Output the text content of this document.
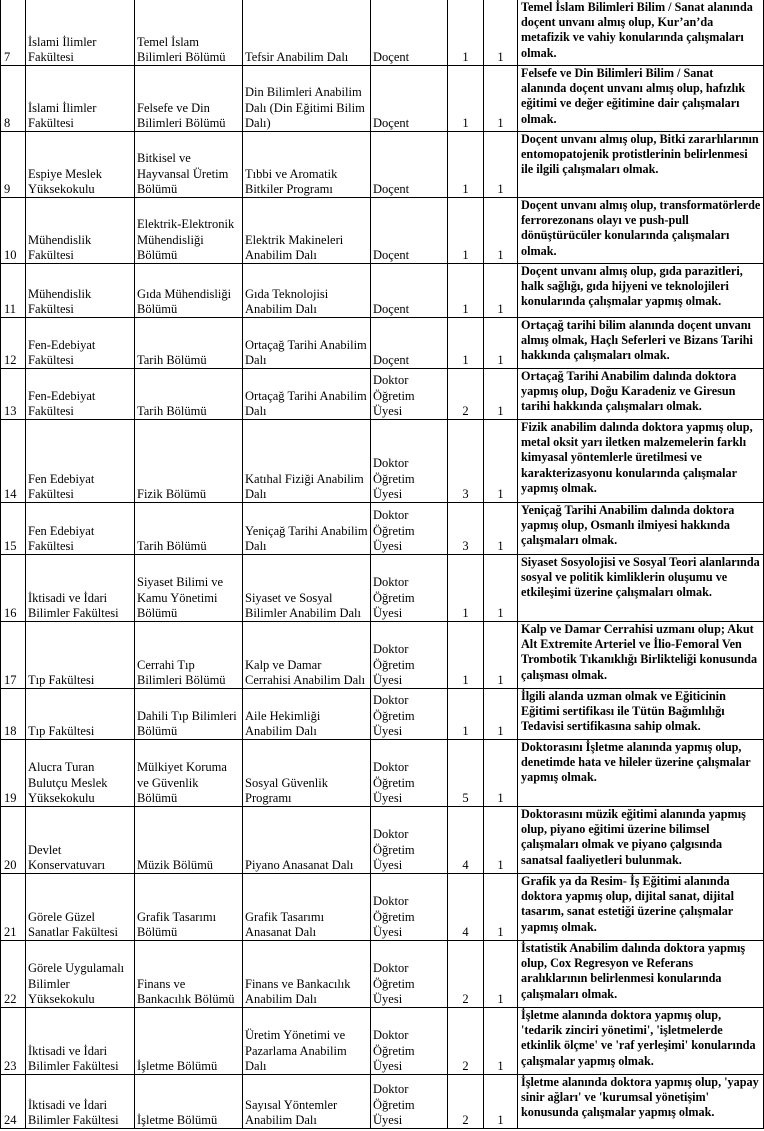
7	İslami İlimler Fakültesi	Temel İslam Bilimleri Bölümü	Tefsir Anabilim Dalı	Doçent	1	1	Temel İslam Bilimleri Bilim / Sanat alanında doçent unvanı almış olup, Kur’an’da metafizik ve vahiy konularında çalışmaları olmak.
8	İslami İlimler Fakültesi	Felsefe ve Din Bilimleri Bölümü	Din Bilimleri Anabilim Dalı (Din Eğitimi Bilim Dalı)	Doçent	1	1	Felsefe ve Din Bilimleri Bilim / Sanat alanında doçent unvanı almış olup, hafızlık eğitimi ve değer eğitimine dair çalışmaları olmak.
9	Espiye Meslek Yüksekokulu	Bitkisel ve Hayvansal Üretim Bölümü	Tıbbi ve Aromatik Bitkiler Programı	Doçent	1	1	Doçent unvanı almış olup, Bitki zararlılarının entomopatojenik protistlerinin belirlenmesi ile ilgili çalışmaları olmak.
10	Mühendislik Fakültesi	Elektrik-Elektronik Mühendisliği Bölümü	Elektrik Makineleri Anabilim Dalı	Doçent	1	1	Doçent unvanı almış olup, transformatörlerde ferrorezonans olayı ve push-pull dönüştürücüler konularında çalışmaları olmak.
11	Mühendislik Fakültesi	Gıda Mühendisliği Bölümü	Gıda Teknolojisi Anabilim Dalı	Doçent	1	1	Doçent unvanı almış olup, gıda parazitleri, halk sağlığı, gıda hijyeni ve teknolojileri konularında çalışmalar yapmış olmak.
12	Fen-Edebiyat Fakültesi	Tarih Bölümü	Ortaçağ Tarihi Anabilim Dalı	Doçent	1	1	Ortaçağ tarihi bilim alanında doçent unvanı almış olmak, Haçlı Seferleri ve Bizans Tarihi hakkında çalışmaları olmak.
13	Fen-Edebiyat Fakültesi	Tarih Bölümü	Ortaçağ Tarihi Anabilim Dalı	Doktor Öğretim Üyesi	2	1	Ortaçağ Tarihi Anabilim dalında doktora yapmış olup, Doğu Karadeniz ve Giresun tarihi hakkında çalışmaları olmak.
14	Fen Edebiyat Fakültesi	Fizik Bölümü	Katıhal Fiziği Anabilim Dalı	Doktor Öğretim Üyesi	3	1	Fizik anabilim dalında doktora yapmış olup, metal oksit yarı iletken malzemelerin farklı kimyasal yöntemlerle üretilmesi ve karakterizasyonu konularında çalışmalar yapmış olmak.
15	Fen Edebiyat Fakültesi	Tarih Bölümü	Yeniçağ Tarihi Anabilim Dalı	Doktor Öğretim Üyesi	3	1	Yeniçağ Tarihi Anabilim dalında doktora yapmış olup, Osmanlı ilmiyesi hakkında çalışmaları olmak.
16	İktisadi ve İdari Bilimler Fakültesi	Siyaset Bilimi ve Kamu Yönetimi Bölümü	Siyaset ve Sosyal Bilimler Anabilim Dalı	Doktor Öğretim Üyesi	1	1	Siyaset Sosyolojisi ve Sosyal Teori alanlarında sosyal ve politik kimliklerin oluşumu ve etkileşimi üzerine çalışmaları olmak.
17	Tıp Fakültesi	Cerrahi Tıp Bilimleri Bölümü	Kalp ve Damar Cerrahisi Anabilim Dalı	Doktor Öğretim Üyesi	1	1	Kalp ve Damar Cerrahisi uzmanı olup; Akut Alt Extremite Arteriel ve İlio-Femoral Ven Trombotik Tıkanıklığı Birlikteliği konusunda çalışması olmak.
18	Tıp Fakültesi	Dahili Tıp Bilimleri Bölümü	Aile Hekimliği Anabilim Dalı	Doktor Öğretim Üyesi	1	1	İlgili alanda uzman olmak ve Eğiticinin Eğitimi sertifikası ile Tütün Bağımlılığı Tedavisi sertifikasına sahip olmak.
19	Alucra Turan Bulutçu Meslek Yüksekokulu	Mülkiyet Koruma ve Güvenlik Bölümü	Sosyal Güvenlik Programı	Doktor Öğretim Üyesi	5	1	Doktorasını İşletme alanında yapmış olup, denetimde hata ve hileler üzerine çalışmalar yapmış olmak.
20	Devlet Konservatuvarı	Müzik Bölümü	Piyano Anasanat Dalı	Doktor Öğretim Üyesi	4	1	Doktorasını müzik eğitimi alanında yapmış olup, piyano eğitimi üzerine bilimsel çalışmaları olmak ve piyano çalgısında sanatsal faaliyetleri bulunmak.
21	Görele Güzel Sanatlar Fakültesi	Grafik Tasarımı Bölümü	Grafik Tasarımı Anasanat Dalı	Doktor Öğretim Üyesi	4	1	Grafik ya da Resim- İş Eğitimi alanında doktora yapmış olup, dijital sanat, dijital tasarım, sanat estetiği üzerine çalışmalar yapmış olmak.
22	Görele Uygulamalı Bilimler Yüksekokulu	Finans ve Bankacılık Bölümü	Finans ve Bankacılık Anabilim Dalı	Doktor Öğretim Üyesi	2	1	İstatistik Anabilim dalında doktora yapmış olup, Cox Regresyon ve Referans aralıklarının belirlenmesi konularında çalışmaları olmak.
23	İktisadi ve İdari Bilimler Fakültesi	İşletme Bölümü	Üretim Yönetimi ve Pazarlama Anabilim Dalı	Doktor Öğretim Üyesi	2	1	İşletme alanında doktora yapmış olup, 'tedarik zinciri yönetimi', 'işletmelerde etkinlik ölçme' ve 'raf yerleşimi' konularında çalışmalar yapmış olmak.
24	İktisadi ve İdari Bilimler Fakültesi	İşletme Bölümü	Sayısal Yöntemler Anabilim Dalı	Doktor Öğretim Üyesi	2	1	İşletme alanında doktora yapmış olup, 'yapay sinir ağları' ve 'kurumsal yönetişim' konusunda çalışmalar yapmış olmak.
